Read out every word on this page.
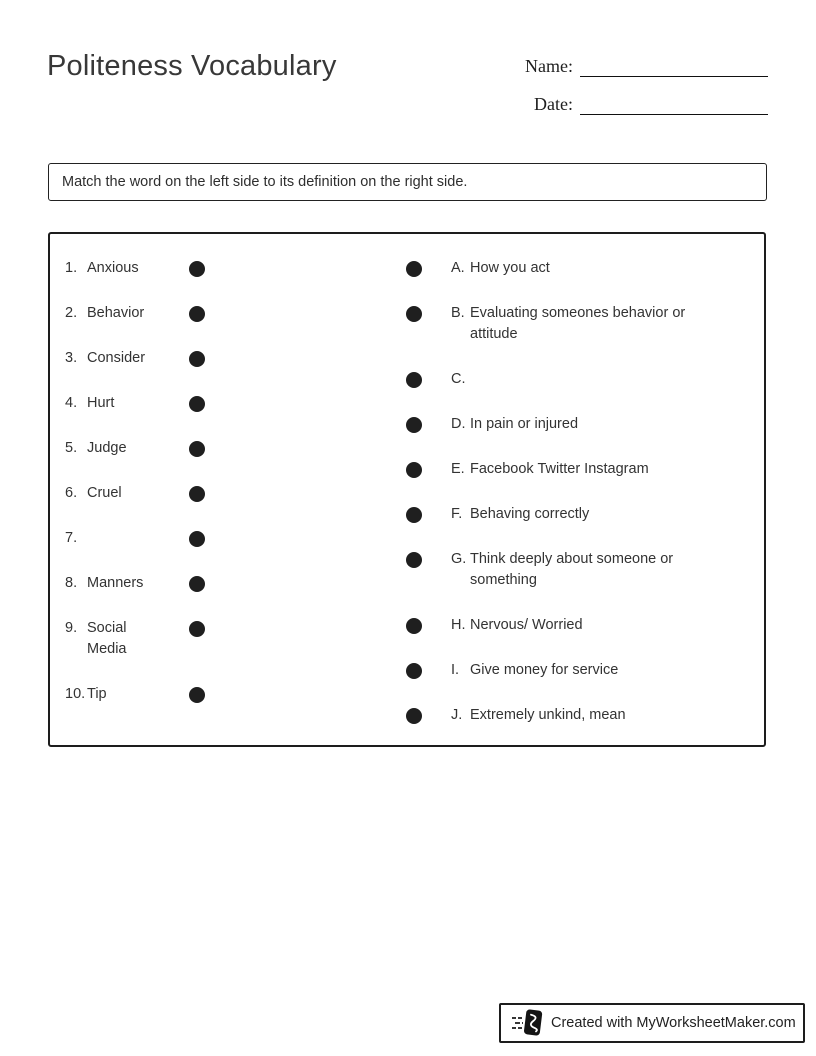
Politeness Vocabulary	Name:
Date:
Match the word on the left side to its definition on the right side.
1. Anxious
2. Behavior
3. Consider
4. Hurt
5. Judge
6. Cruel
7.
8. Manners
9. Social Media
10. Tip
A. How you act
B. Evaluating someones behavior or attitude
C.
D. In pain or injured
E. Facebook Twitter Instagram
F. Behaving correctly
G. Think deeply about someone or something
H. Nervous/ Worried
I. Give money for service
J. Extremely unkind, mean
Created with MyWorksheetMaker.com
